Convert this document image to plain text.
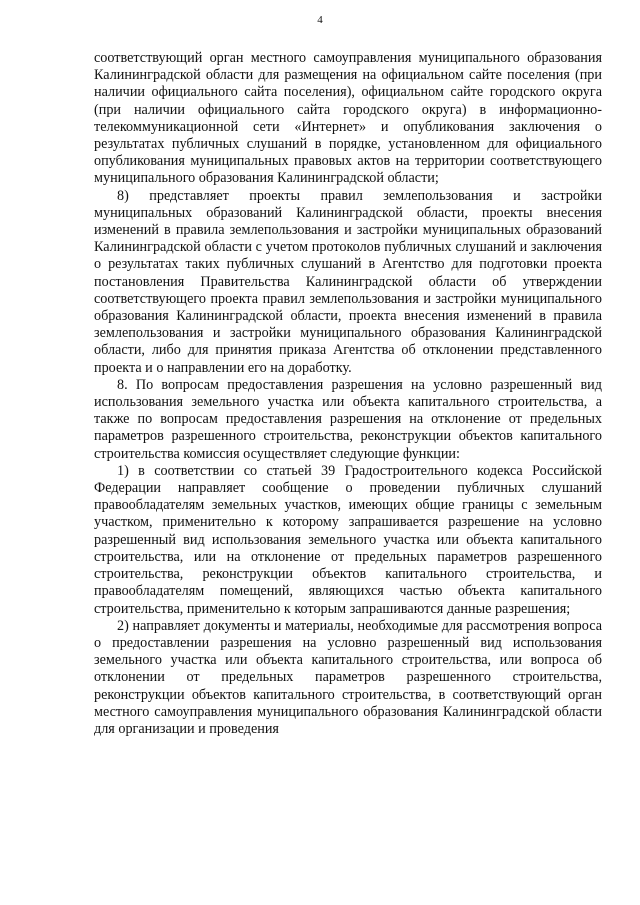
4

соответствующий орган местного самоуправления муниципального образования Калининградской области для размещения на официальном сайте поселения (при наличии официального сайта поселения), официальном сайте городского округа (при наличии официального сайта городского округа) в информационно-телекоммуникационной сети «Интернет» и опубликования заключения о результатах публичных слушаний в порядке, установленном для официального опубликования муниципальных правовых актов на территории соответствующего муниципального образования Калининградской области;

8) представляет проекты правил землепользования и застройки муниципальных образований Калининградской области, проекты внесения изменений в правила землепользования и застройки муниципальных образований Калининградской области с учетом протоколов публичных слушаний и заключения о результатах таких публичных слушаний в Агентство для подготовки проекта постановления Правительства Калининградской области об утверждении соответствующего проекта правил землепользования и застройки муниципального образования Калининградской области, проекта внесения изменений в правила землепользования и застройки муниципального образования Калининградской области, либо для принятия приказа Агентства об отклонении представленного проекта и о направлении его на доработку.

8. По вопросам предоставления разрешения на условно разрешенный вид использования земельного участка или объекта капитального строительства, а также по вопросам предоставления разрешения на отклонение от предельных параметров разрешенного строительства, реконструкции объектов капитального строительства комиссия осуществляет следующие функции:

1) в соответствии со статьей 39 Градостроительного кодекса Российской Федерации направляет сообщение о проведении публичных слушаний правообладателям земельных участков, имеющих общие границы с земельным участком, применительно к которому запрашивается разрешение на условно разрешенный вид использования земельного участка или объекта капитального строительства, или на отклонение от предельных параметров разрешенного строительства, реконструкции объектов капитального строительства, и правообладателям помещений, являющихся частью объекта капитального строительства, применительно к которым запрашиваются данные разрешения;

2) направляет документы и материалы, необходимые для рассмотрения вопроса о предоставлении разрешения на условно разрешенный вид использования земельного участка или объекта капитального строительства, или вопроса об отклонении от предельных параметров разрешенного строительства, реконструкции объектов капитального строительства, в соответствующий орган местного самоуправления муниципального образования Калининградской области для организации и проведения
